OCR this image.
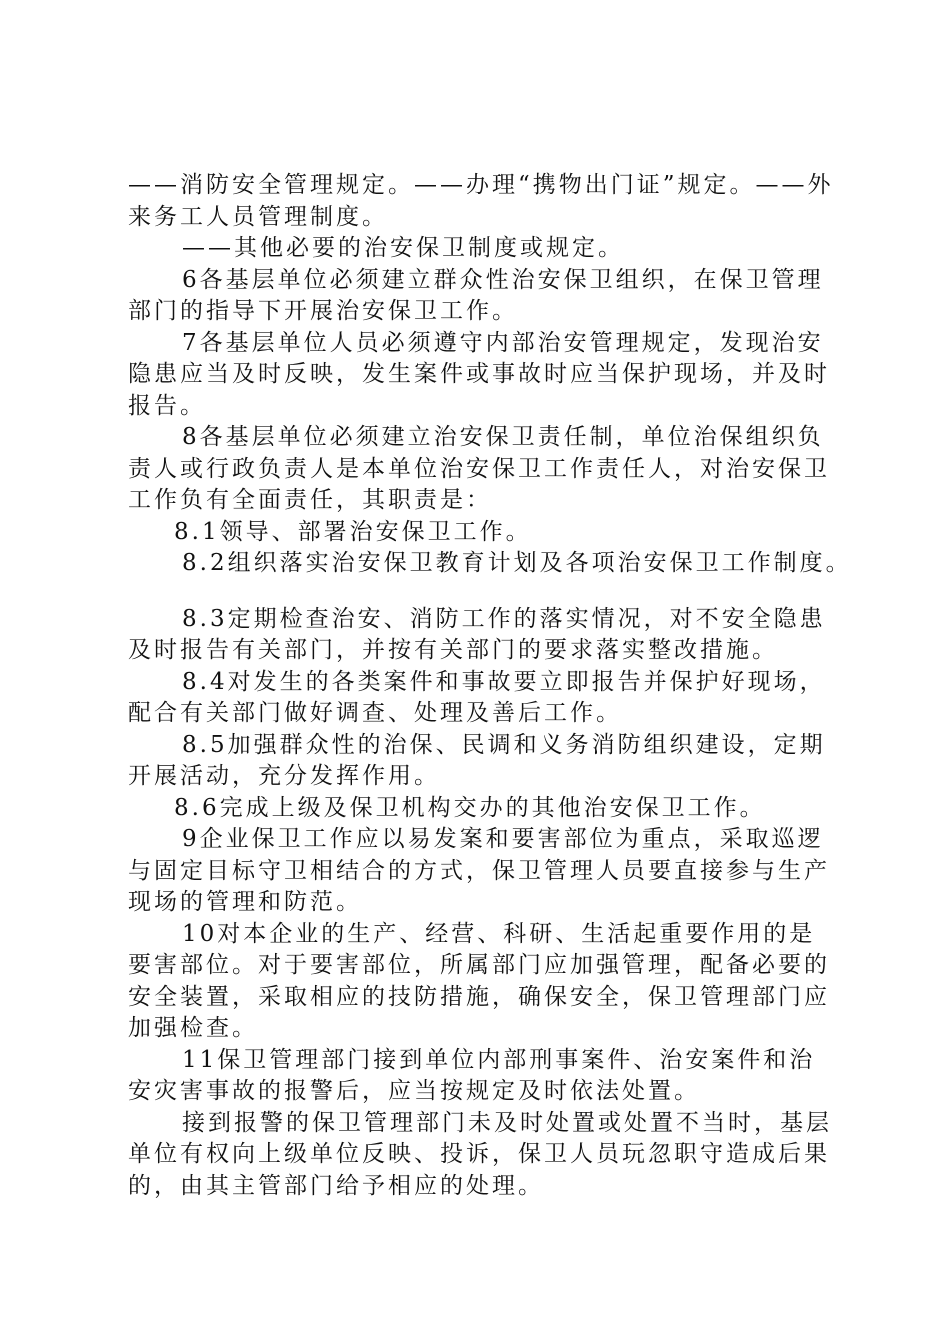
——消防安全管理规定。——办理“携物出门证”规定。——外来务工人员管理制度。

——其他必要的治安保卫制度或规定。

6各基层单位必须建立群众性治安保卫组织，在保卫管理部门的指导下开展治安保卫工作。

7各基层单位人员必须遵守内部治安管理规定，发现治安隐患应当及时反映，发生案件或事故时应当保护现场，并及时报告。

8各基层单位必须建立治安保卫责任制，单位治保组织负责人或行政负责人是本单位治安保卫工作责任人，对治安保卫工作负有全面责任，其职责是：

8.1领导、部署治安保卫工作。

8.2组织落实治安保卫教育计划及各项治安保卫工作制度。

8.3定期检查治安、消防工作的落实情况，对不安全隐患及时报告有关部门，并按有关部门的要求落实整改措施。

8.4对发生的各类案件和事故要立即报告并保护好现场，配合有关部门做好调查、处理及善后工作。

8.5加强群众性的治保、民调和义务消防组织建设，定期开展活动，充分发挥作用。

8.6完成上级及保卫机构交办的其他治安保卫工作。

9企业保卫工作应以易发案和要害部位为重点，采取巡逻与固定目标守卫相结合的方式，保卫管理人员要直接参与生产现场的管理和防范。

10对本企业的生产、经营、科研、生活起重要作用的是要害部位。对于要害部位，所属部门应加强管理，配备必要的安全装置，采取相应的技防措施，确保安全，保卫管理部门应加强检查。

11保卫管理部门接到单位内部刑事案件、治安案件和治安灾害事故的报警后，应当按规定及时依法处置。

接到报警的保卫管理部门未及时处置或处置不当时，基层单位有权向上级单位反映、投诉，保卫人员玩忽职守造成后果的，由其主管部门给予相应的处理。
